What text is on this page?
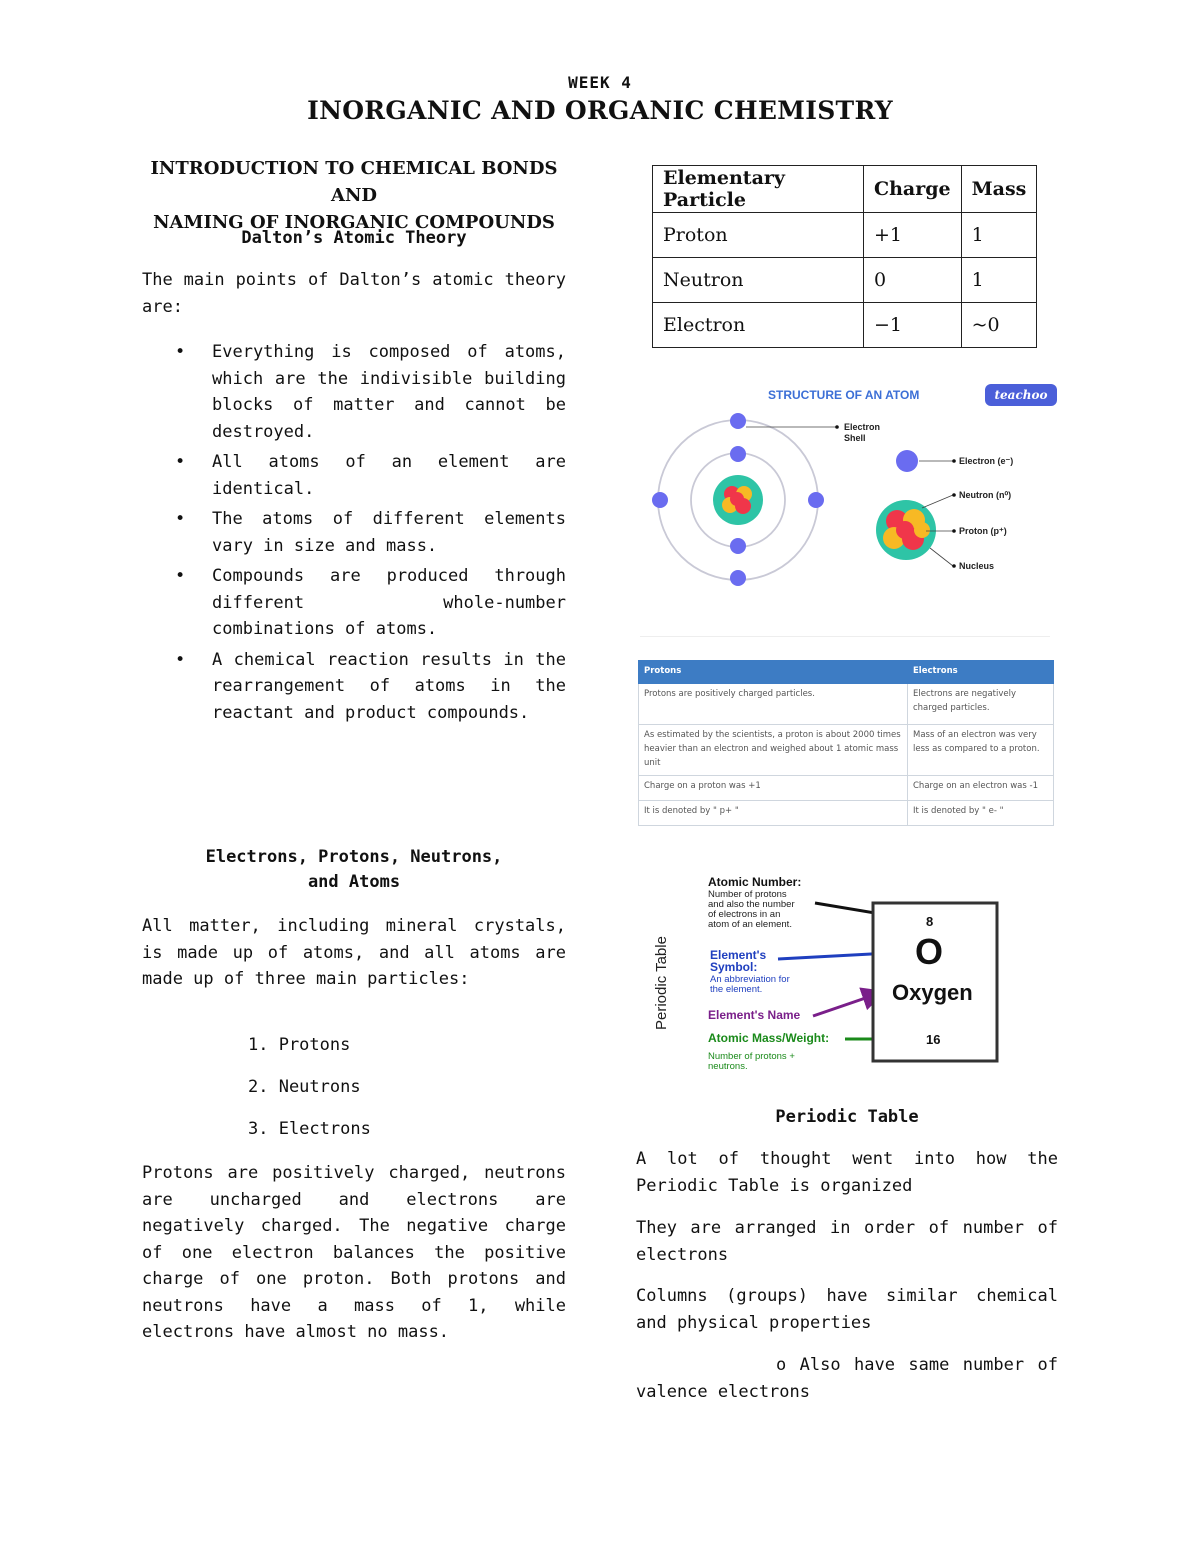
WEEK 4
INORGANIC AND ORGANIC CHEMISTRY
INTRODUCTION TO CHEMICAL BONDS AND
NAMING OF INORGANIC COMPOUNDS
Dalton’s Atomic Theory
The main points of Dalton’s atomic theory are:
• Everything is composed of atoms, which are the indivisible building blocks of matter and cannot be destroyed.
• All atoms of an element are identical.
• The atoms of different elements vary in size and mass.
• Compounds are produced through different whole-number combinations of atoms.
• A chemical reaction results in the rearrangement of atoms in the reactant and product compounds.
Electrons, Protons, Neutrons,
and Atoms
All matter, including mineral crystals, is made up of atoms, and all atoms are made up of three main particles:
1. Protons
2. Neutrons
3. Electrons
Protons are positively charged, neutrons are uncharged and electrons are negatively charged. The negative charge of one electron balances the positive charge of one proton. Both protons and neutrons have a mass of 1, while electrons have almost no mass.
Elementary Particle	Charge	Mass
Proton	+1	1
Neutron	0	1
Electron	−1	~0
STRUCTURE OF AN ATOM	teachoo
Electron
Shell
Electron (e⁻)
Neutron (n⁰)
Proton (p⁺)
Nucleus
Protons	Electrons
Protons are positively charged particles.	Electrons are negatively charged particles.
As estimated by the scientists, a proton is about 2000 times heavier than an electron and weighed about 1 atomic mass unit	Mass of an electron was very less as compared to a proton.
Charge on a proton was +1	Charge on an electron was -1
It is denoted by " p+ "	It is denoted by " e- "
Periodic Table
Atomic Number:
Number of protons
and also the number
of electrons in an
atom of an element.
Element's
Symbol:
An abbreviation for
the element.
Element's Name
Atomic Mass/Weight:
Number of protons +
neutrons.
8
O
Oxygen
16
Periodic Table
A lot of thought went into how the Periodic Table is organized
They are arranged in order of number of electrons
Columns (groups) have similar chemical and physical properties
o Also have same number of valence electrons
